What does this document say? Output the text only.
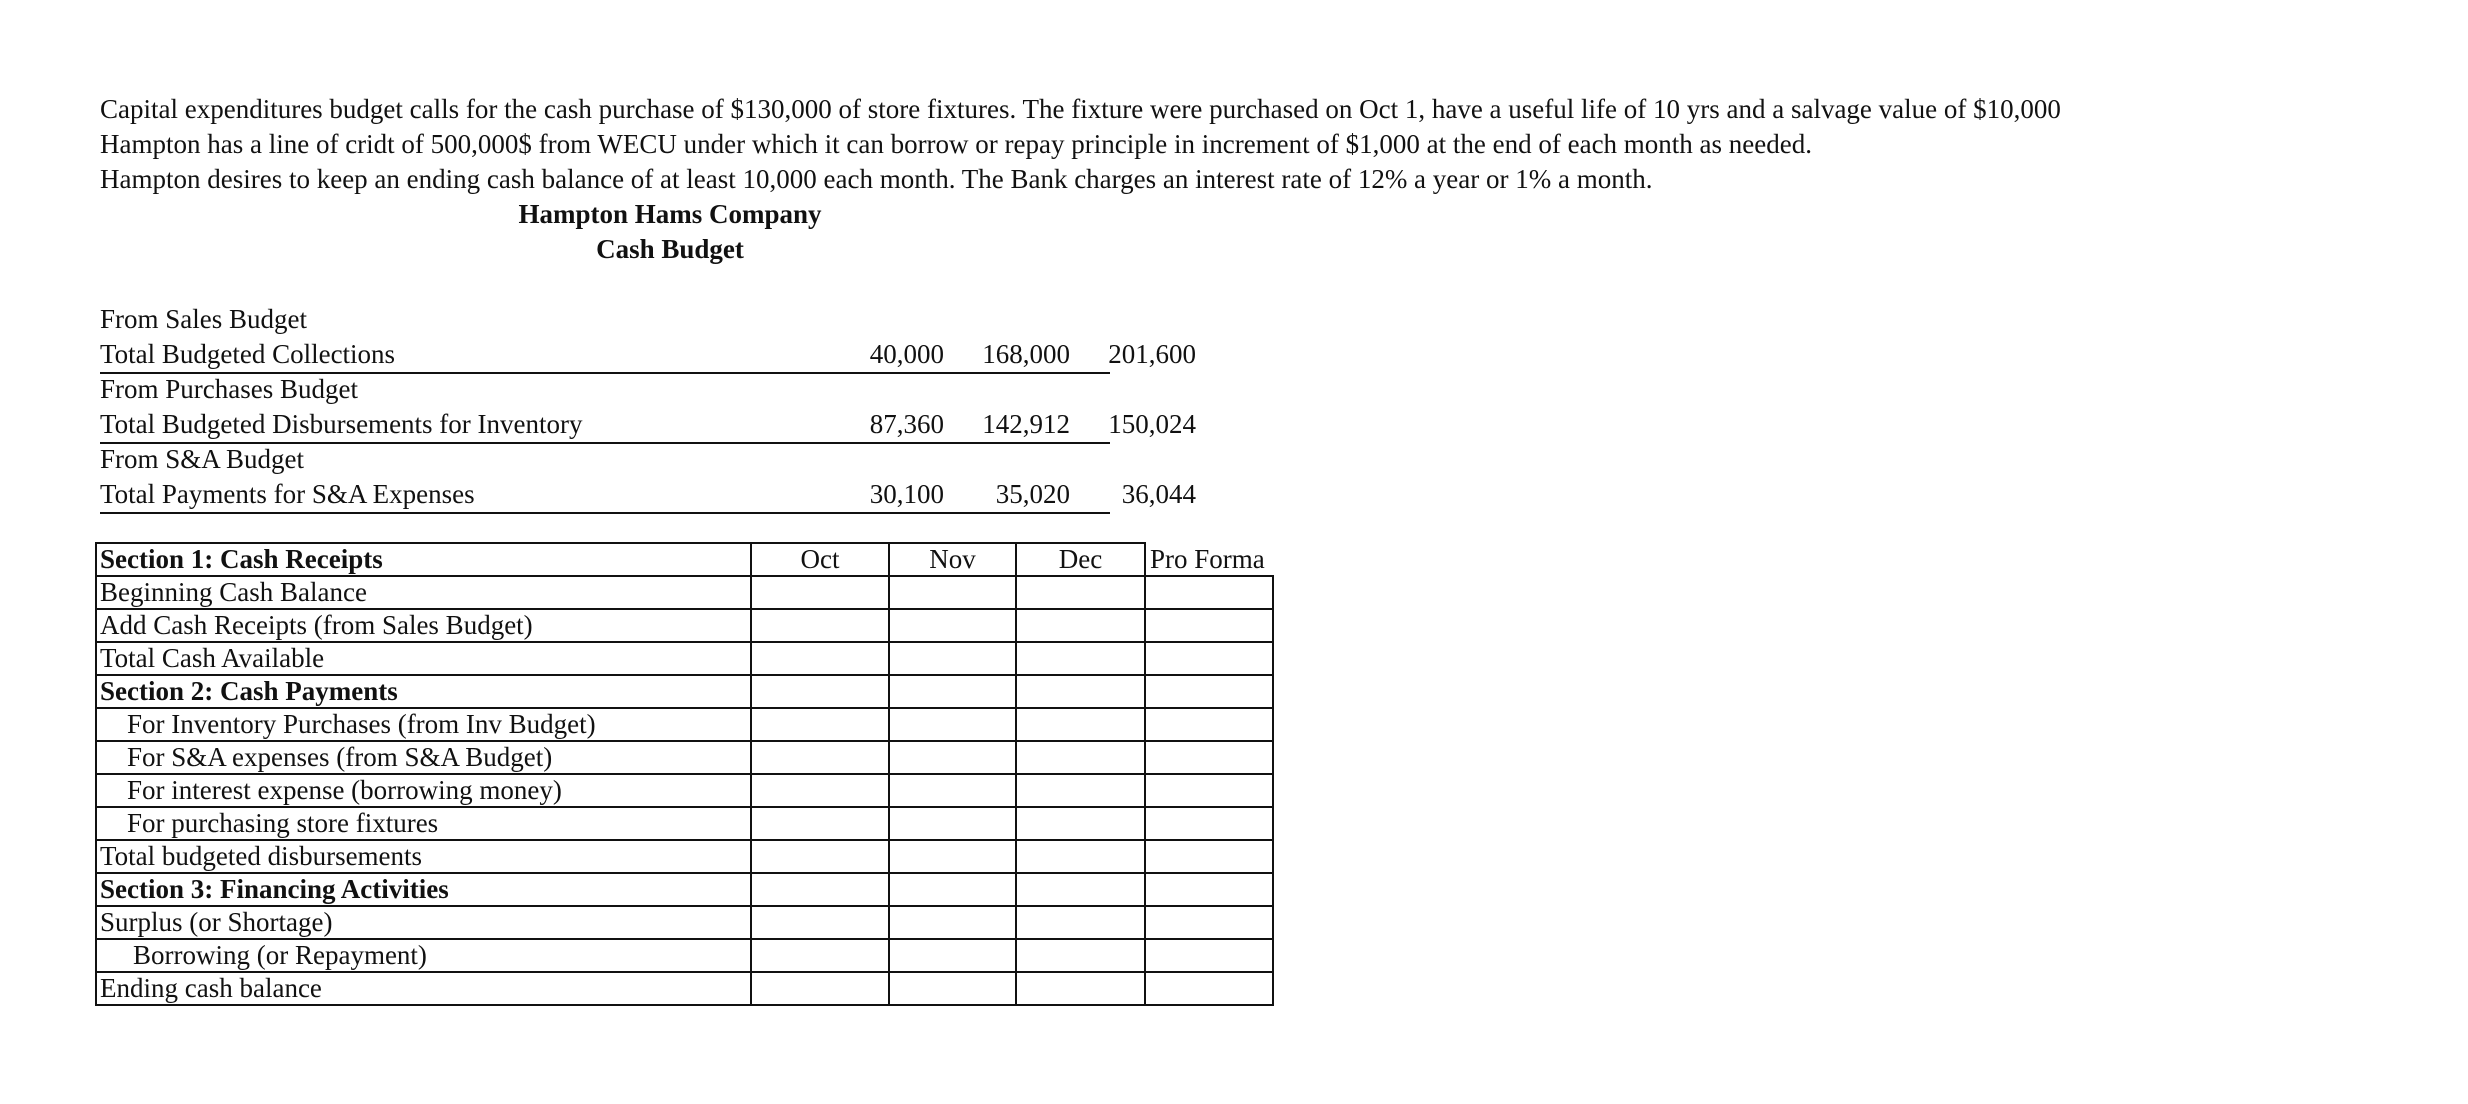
Capital expenditures budget calls for the cash purchase of $130,000 of store fixtures. The fixture were purchased on Oct 1, have a useful life of 10 yrs and a salvage value of $10,000
Hampton has a line of cridt of 500,000$ from WECU under which it can borrow or repay principle in increment of $1,000 at the end of each month as needed.
Hampton desires to keep an ending cash balance of at least 10,000 each month. The Bank charges an interest rate of 12% a year or 1% a month.
Hampton Hams Company
Cash Budget
From Sales Budget
Total Budgeted Collections	40,000	168,000	201,600
From Purchases Budget
Total Budgeted Disbursements for Inventory	87,360	142,912	150,024
From S&A Budget
Total Payments for S&A Expenses	30,100	35,020	36,044
Section 1: Cash Receipts	Oct	Nov	Dec	Pro Forma
Beginning Cash Balance				
Add Cash Receipts (from Sales Budget)				
Total Cash Available				
Section 2: Cash Payments				
For Inventory Purchases (from Inv Budget)				
For S&A expenses (from S&A Budget)				
For interest expense (borrowing money)				
For purchasing store fixtures				
Total budgeted disbursements				
Section 3: Financing Activities				
Surplus (or Shortage)				
Borrowing (or Repayment)				
Ending cash balance				
